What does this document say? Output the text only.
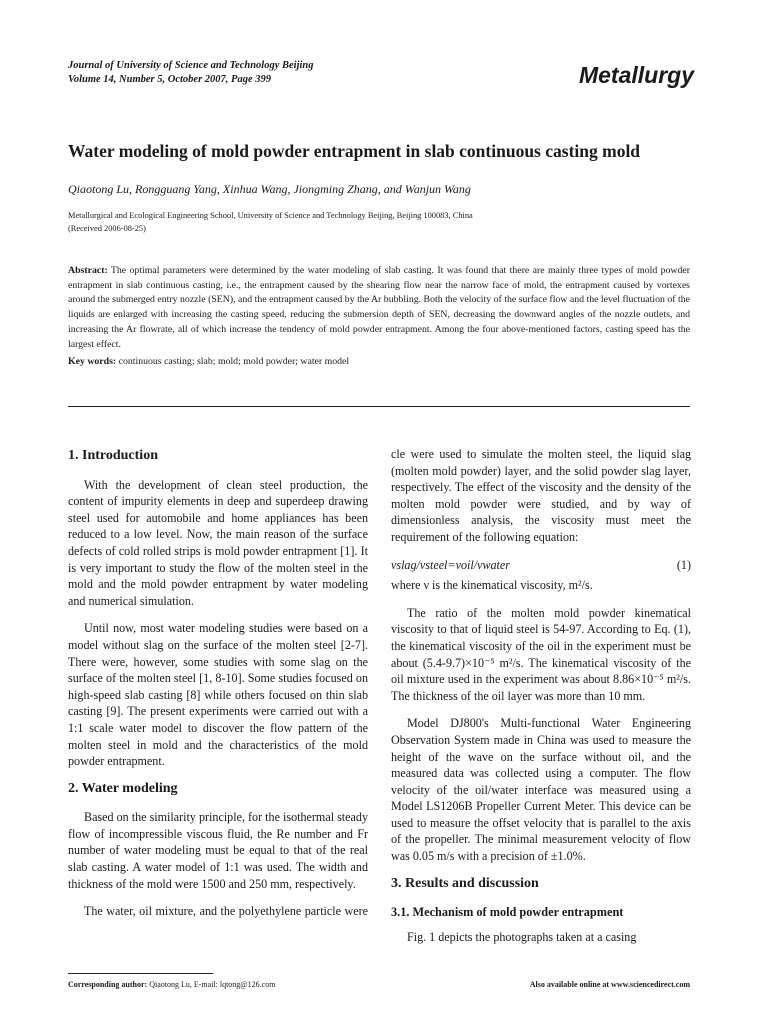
Journal of University of Science and Technology Beijing
Volume 14, Number 5, October 2007, Page 399	Metallurgy
Water modeling of mold powder entrapment in slab continuous casting mold
Qiaotong Lu, Rongguang Yang, Xinhua Wang, Jiongming Zhang, and Wanjun Wang
Metallurgical and Ecological Engineering School, University of Science and Technology Beijing, Beijing 100083, China
(Received 2006-08-25)
Abstract: The optimal parameters were determined by the water modeling of slab casting. It was found that there are mainly three types of mold powder entrapment in slab continuous casting, i.e., the entrapment caused by the shearing flow near the narrow face of mold, the entrapment caused by vortexes around the submerged entry nozzle (SEN), and the entrapment caused by the Ar bubbling. Both the velocity of the surface flow and the level fluctuation of the liquids are enlarged with increasing the casting speed, reducing the submersion depth of SEN, decreasing the downward angles of the nozzle outlets, and increasing the Ar flowrate, all of which increase the tendency of mold powder entrapment. Among the four above-mentioned factors, casting speed has the largest effect.
Key words: continuous casting; slab; mold; mold powder; water model
1. Introduction

With the development of clean steel production, the content of impurity elements in deep and superdeep drawing steel used for automobile and home appliances has been reduced to a low level. Now, the main reason of the surface defects of cold rolled strips is mold powder entrapment [1]. It is very important to study the flow of the molten steel in the mold and the mold powder entrapment by water modeling and numerical simulation.

Until now, most water modeling studies were based on a model without slag on the surface of the molten steel [2-7]. There were, however, some studies with some slag on the surface of the molten steel [1, 8-10]. Some studies focused on high-speed slab casting [8] while others focused on thin slab casting [9]. The present experiments were carried out with a 1:1 scale water model to discover the flow pattern of the molten steel in mold and the characteristics of the mold powder entrapment.

2. Water modeling

Based on the similarity principle, for the isothermal steady flow of incompressible viscous fluid, the Re number and Fr number of water modeling must be equal to that of the real slab casting. A water model of 1:1 was used. The width and thickness of the mold were 1500 and 250 mm, respectively.

The water, oil mixture, and the polyethylene particle were

cle were used to simulate the molten steel, the liquid slag (molten mold powder) layer, and the solid powder slag layer, respectively. The effect of the viscosity and the density of the molten mold powder were studied, and by way of dimensionless analysis, the viscosity must meet the requirement of the following equation:

νslag/νsteel=νoil/νwater	(1)

where ν is the kinematical viscosity, m²/s.

The ratio of the molten mold powder kinematical viscosity to that of liquid steel is 54-97. According to Eq. (1), the kinematical viscosity of the oil in the experiment must be about (5.4-9.7)×10⁻⁵ m²/s. The kinematical viscosity of the oil mixture used in the experiment was about 8.86×10⁻⁵ m²/s. The thickness of the oil layer was more than 10 mm.

Model DJ800's Multi-functional Water Engineering Observation System made in China was used to measure the height of the wave on the surface without oil, and the measured data was collected using a computer. The flow velocity of the oil/water interface was measured using a Model LS1206B Propeller Current Meter. This device can be used to measure the offset velocity that is parallel to the axis of the propeller. The minimal measurement velocity of flow was 0.05 m/s with a precision of ±1.0%.

3. Results and discussion
3.1. Mechanism of mold powder entrapment

Fig. 1 depicts the photographs taken at a casing

Corresponding author: Qiaotong Lu, E-mail: lqtong@126.com	Also available online at www.sciencedirect.com
